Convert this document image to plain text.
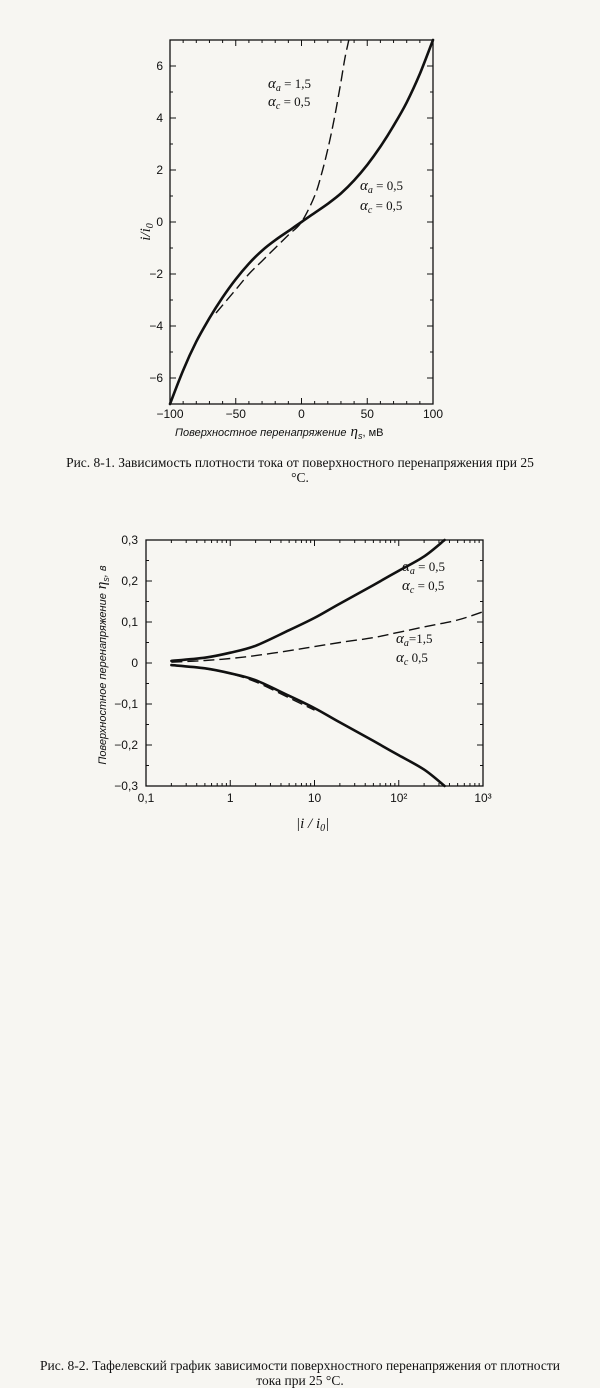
−100	−50	0	50	100
−6
−4
−2
0
2
4
6
$i/i_0$
Поверхностное перенапряжение $\eta_s$, мВ
$\alpha_a = 1,5$
$\alpha_c = 0,5$
$\alpha_a = 0,5$
$\alpha_c = 0,5$
Рис. 8-1. Зависимость плотности тока от поверхностного перенапряжения при 25 °C.
0,1	1	10	10²	10³
0,3
0,2
0,1
0
−0,1
−0,2
−0,3
Поверхностное перенапряжениеη$_s$, в
$|i / i_0|$
$\alpha_a = 0,5$
$\alpha_c = 0,5$
$\alpha_a=1,5$
$\alpha_c$ 0,5
Рис. 8-2. Тафелевский график зависимости поверхностного перенапряжения от плотности тока при 25 °C.
